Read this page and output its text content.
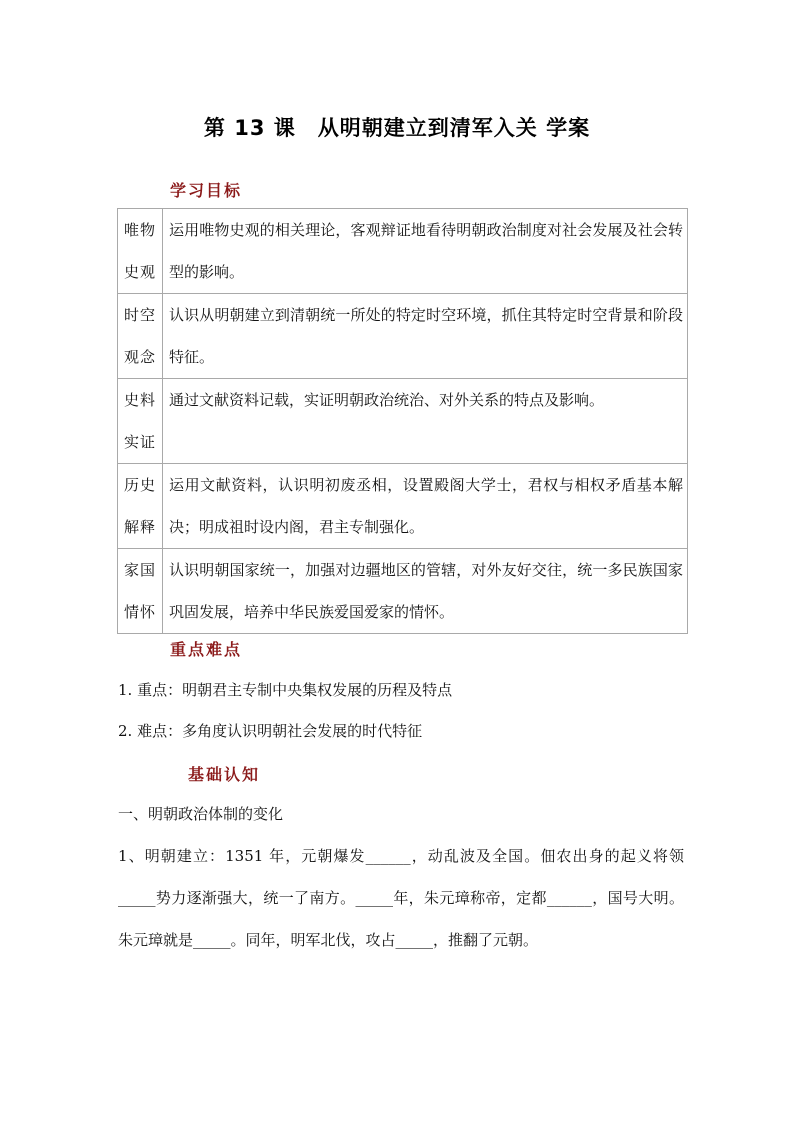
第 13 课　从明朝建立到清军入关 学案
学习目标
唯物
史观	运用唯物史观的相关理论，客观辩证地看待明朝政治制度对社会发展及社会转型的影响。
时空
观念	认识从明朝建立到清朝统一所处的特定时空环境，抓住其特定时空背景和阶段特征。
史料
实证	通过文献资料记载，实证明朝政治统治、对外关系的特点及影响。
历史
解释	运用文献资料，认识明初废丞相，设置殿阁大学士，君权与相权矛盾基本解决；明成祖时设内阁，君主专制强化。
家国
情怀	认识明朝国家统一，加强对边疆地区的管辖，对外友好交往，统一多民族国家巩固发展，培养中华民族爱国爱家的情怀。
重点难点
1. 重点：明朝君主专制中央集权发展的历程及特点
2. 难点：多角度认识明朝社会发展的时代特征
基础认知
一、明朝政治体制的变化
1、明朝建立：1351 年，元朝爆发______，动乱波及全国。佃农出身的起义将领_____势力逐渐强大，统一了南方。_____年，朱元璋称帝，定都______，国号大明。朱元璋就是_____。同年，明军北伐，攻占_____，推翻了元朝。
